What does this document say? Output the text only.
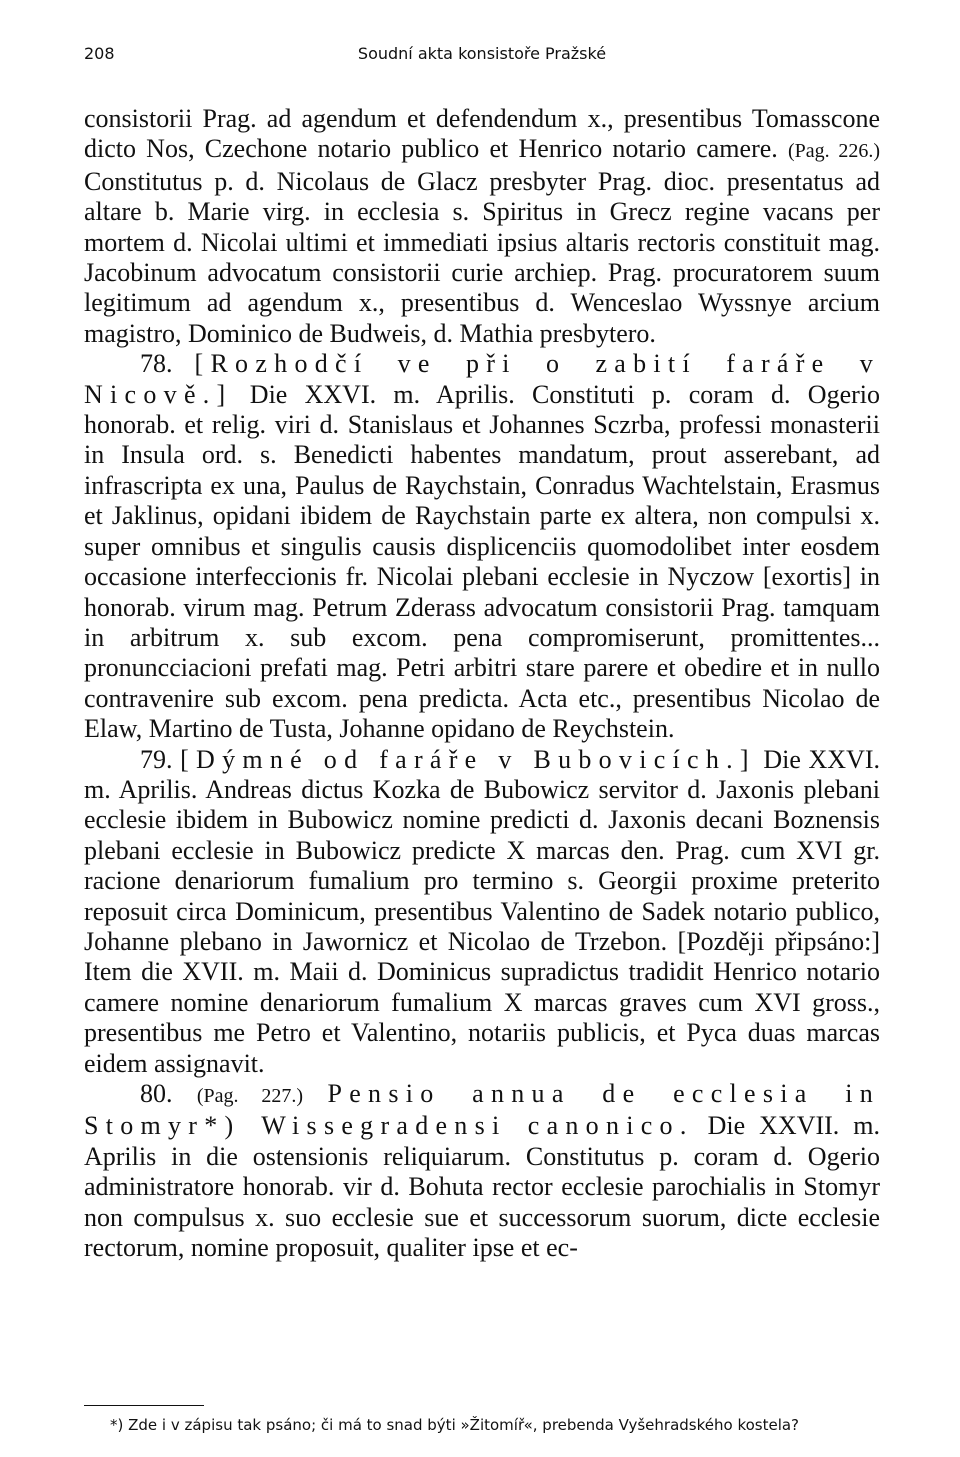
208	Soudní akta konsistoře Pražské

consistorii Prag. ad agendum et defendendum x., presentibus Tomasscone dicto Nos, Czechone notario publico et Henrico notario camere. (Pag. 226.) Constitutus p. d. Nicolaus de Glacz presbyter Prag. dioc. presentatus ad altare b. Marie virg. in ecclesia s. Spiritus in Grecz regine vacans per mortem d. Nicolai ultimi et immediati ipsius altaris rectoris constituit mag. Jacobinum advocatum consistorii curie archiep. Prag. procuratorem suum legitimum ad agendum x., presentibus d. Wenceslao Wyssnye arcium magistro, Dominico de Budweis, d. Mathia presbytero.

78. [Rozhodčí ve při o zabití faráře v Nicově.] Die XXVI. m. Aprilis. Constituti p. coram d. Ogerio honorab. et relig. viri d. Stanislaus et Johannes Sczrba, professi monasterii in Insula ord. s. Benedicti habentes mandatum, prout asserebant, ad infrascripta ex una, Paulus de Raychstain, Conradus Wachtelstain, Erasmus et Jaklinus, opidani ibidem de Raychstain parte ex altera, non compulsi x. super omnibus et singulis causis displicenciis quomodolibet inter eosdem occasione interfeccionis fr. Nicolai plebani ecclesie in Nyczow [exortis] in honorab. virum mag. Petrum Zderass advocatum consistorii Prag. tamquam in arbitrum x. sub excom. pena compromiserunt, promittentes... pronuncciacioni prefati mag. Petri arbitri stare parere et obedire et in nullo contravenire sub excom. pena predicta. Acta etc., presentibus Nicolao de Elaw, Martino de Tusta, Johanne opidano de Reychstein.

79. [Dýmné od faráře v Bubovicích.] Die XXVI. m. Aprilis. Andreas dictus Kozka de Bubowicz servitor d. Jaxonis plebani ecclesie ibidem in Bubowicz nomine predicti d. Jaxonis decani Boznensis plebani ecclesie in Bubowicz predicte X marcas den. Prag. cum XVI gr. racione denariorum fumalium pro termino s. Georgii proxime preterito reposuit circa Dominicum, presentibus Valentino de Sadek notario publico, Johanne plebano in Jawornicz et Nicolao de Trzebon. [Později připsáno:] Item die XVII. m. Maii d. Dominicus supradictus tradidit Henrico notario camere nomine denariorum fumalium X marcas graves cum XVI gross., presentibus me Petro et Valentino, notariis publicis, et Pyca duas marcas eidem assignavit.

80. (Pag. 227.) Pensio annua de ecclesia in Stomyr*) Wissegradensi canonico. Die XXVII. m. Aprilis in die ostensionis reliquiarum. Constitutus p. coram d. Ogerio administratore honorab. vir d. Bohuta rector ecclesie parochialis in Stomyr non compulsus x. suo ecclesie sue et successorum suorum, dicte ecclesie rectorum, nomine proposuit, qualiter ipse et ec-

*) Zde i v zápisu tak psáno; či má to snad býti »Žitomíř«, prebenda Vyšehradského kostela?
